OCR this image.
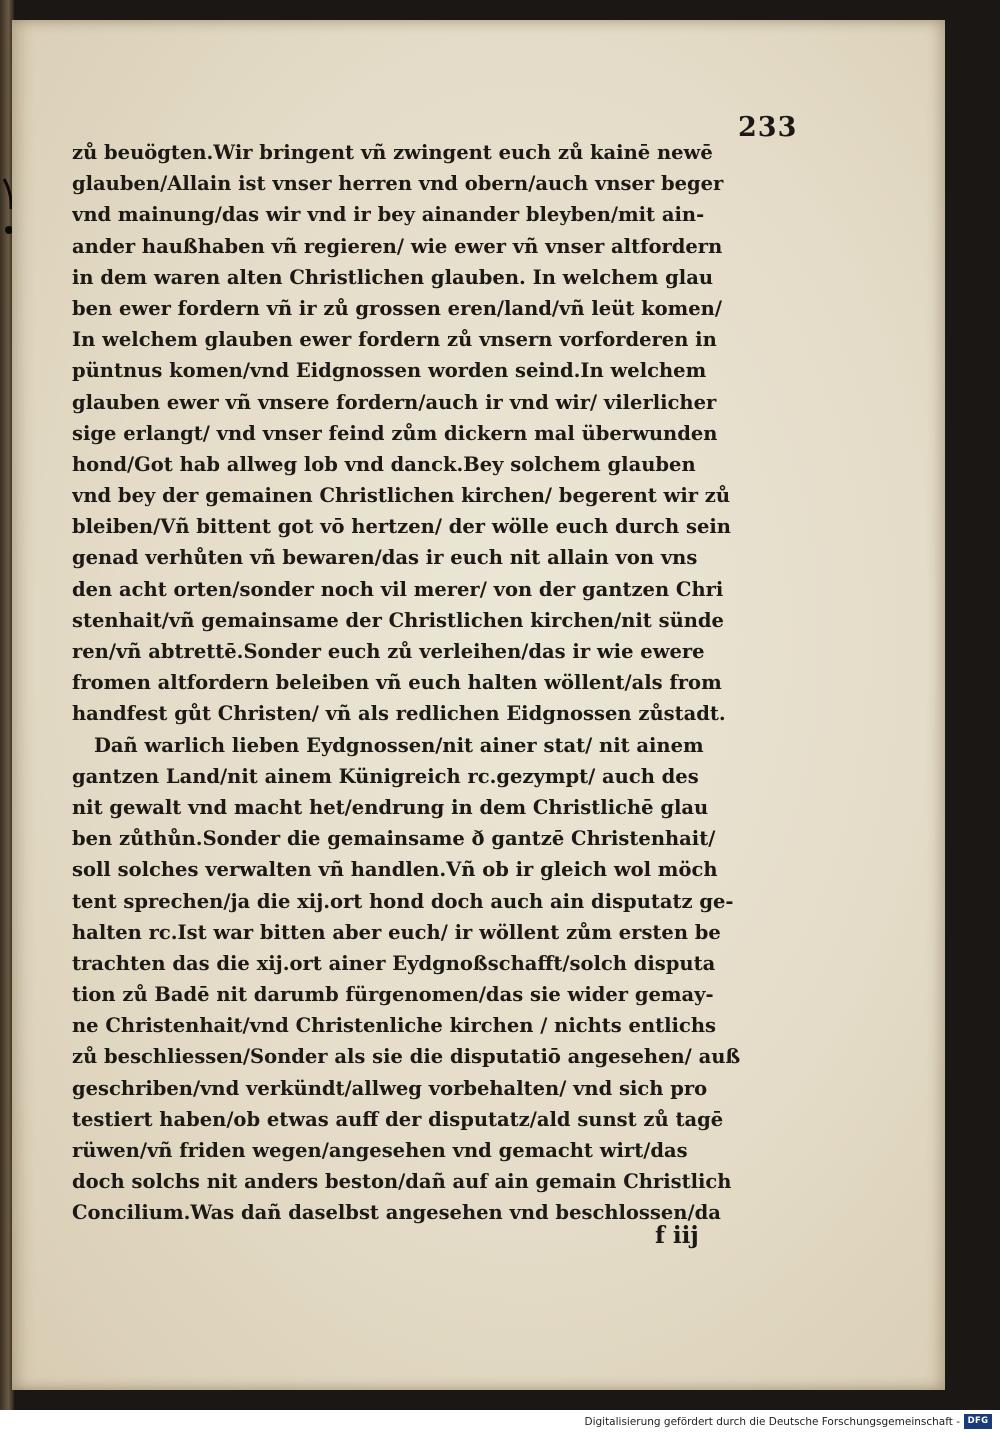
233
zů beuögten.Wir bringent vñ zwingent euch zů kainē newē
glauben/Allain ist vnser herren vnd obern/auch vnser beger
vnd mainung/das wir vnd ir bey ainander bleyben/mit ain-
ander haußhaben vñ regieren/ wie ewer vñ vnser altfordern
in dem waren alten Christlichen glauben. In welchem glau
ben ewer fordern vñ ir zů grossen eren/land/vñ leüt komen/
In welchem glauben ewer fordern zů vnsern vorforderen in
püntnus komen/vnd Eidgnossen worden seind.In welchem
glauben ewer vñ vnsere fordern/auch ir vnd wir/ vilerlicher
sige erlangt/ vnd vnser feind zům dickern mal überwunden
hond/Got hab allweg lob vnd danck.Bey solchem glauben
vnd bey der gemainen Christlichen kirchen/ begerent wir zů
bleiben/Vñ bittent got vō hertzen/ der wölle euch durch sein
genad verhůten vñ bewaren/das ir euch nit allain von vns
den acht orten/sonder noch vil merer/ von der gantzen Chri
stenhait/vñ gemainsame der Christlichen kirchen/nit sünde
ren/vñ abtrettē.Sonder euch zů verleihen/das ir wie ewere
fromen altfordern beleiben vñ euch halten wöllent/als from
handfest gůt Christen/ vñ als redlichen Eidgnossen zůstadt.
Dañ warlich lieben Eydgnossen/nit ainer stat/ nit ainem
gantzen Land/nit ainem Künigreich rc.gezympt/ auch des
nit gewalt vnd macht het/endrung in dem Christlichē glau
ben zůthůn.Sonder die gemainsame ð gantzē Christenhait/
soll solches verwalten vñ handlen.Vñ ob ir gleich wol möch
tent sprechen/ja die xij.ort hond doch auch ain disputatz ge-
halten rc.Ist war bitten aber euch/ ir wöllent zům ersten be
trachten das die xij.ort ainer Eydgnoßschafft/solch disputa
tion zů Badē nit darumb fürgenomen/das sie wider gemay-
ne Christenhait/vnd Christenliche kirchen / nichts entlichs
zů beschliessen/Sonder als sie die disputatiō angesehen/ auß
geschriben/vnd verkündt/allweg vorbehalten/ vnd sich pro
testiert haben/ob etwas auff der disputatz/ald sunst zů tagē
rüwen/vñ friden wegen/angesehen vnd gemacht wirt/das
doch solchs nit anders beston/dañ auf ain gemain Christlich
Concilium.Was dañ daselbst angesehen vnd beschlossen/da
f iij
Digitalisierung gefördert durch die Deutsche Forschungsgemeinschaft - DFG
